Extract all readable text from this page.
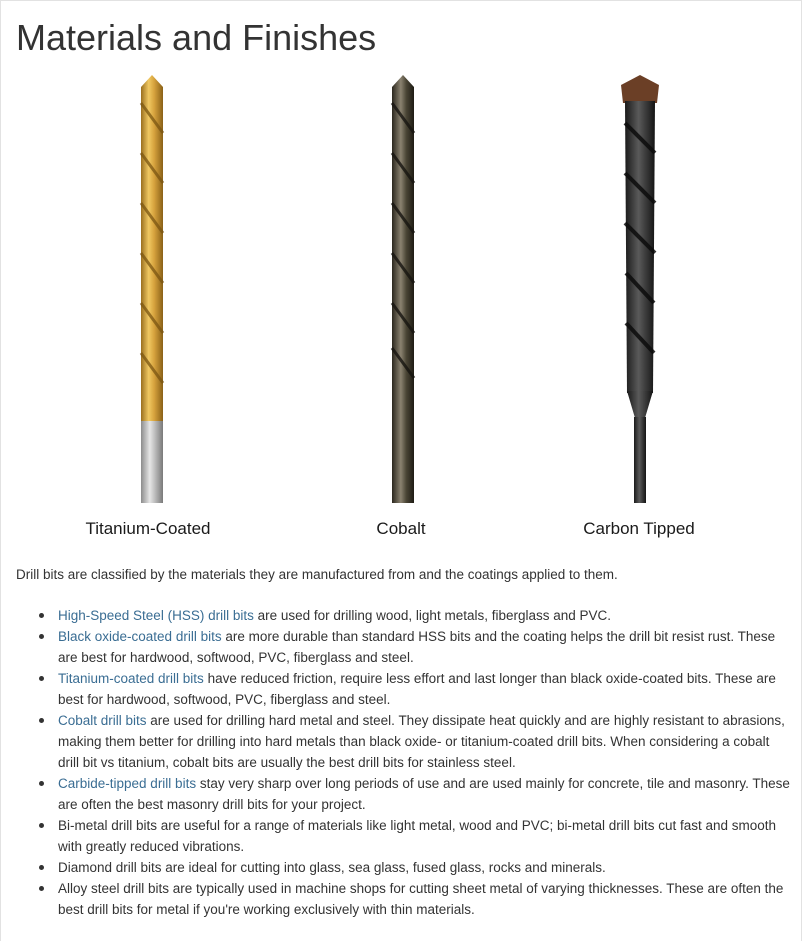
Materials and Finishes
Titanium-Coated	Cobalt	Carbon Tipped

Drill bits are classified by the materials they are manufactured from and the coatings applied to them.

High-Speed Steel (HSS) drill bits are used for drilling wood, light metals, fiberglass and PVC.
Black oxide-coated drill bits are more durable than standard HSS bits and the coating helps the drill bit resist rust. These are best for hardwood, softwood, PVC, fiberglass and steel.
Titanium-coated drill bits have reduced friction, require less effort and last longer than black oxide-coated bits. These are best for hardwood, softwood, PVC, fiberglass and steel.
Cobalt drill bits are used for drilling hard metal and steel. They dissipate heat quickly and are highly resistant to abrasions, making them better for drilling into hard metals than black oxide- or titanium-coated drill bits. When considering a cobalt drill bit vs titanium, cobalt bits are usually the best drill bits for stainless steel.
Carbide-tipped drill bits stay very sharp over long periods of use and are used mainly for concrete, tile and masonry. These are often the best masonry drill bits for your project.
Bi-metal drill bits are useful for a range of materials like light metal, wood and PVC; bi-metal drill bits cut fast and smooth with greatly reduced vibrations.
Diamond drill bits are ideal for cutting into glass, sea glass, fused glass, rocks and minerals.
Alloy steel drill bits are typically used in machine shops for cutting sheet metal of varying thicknesses. These are often the best drill bits for metal if you're working exclusively with thin materials.
